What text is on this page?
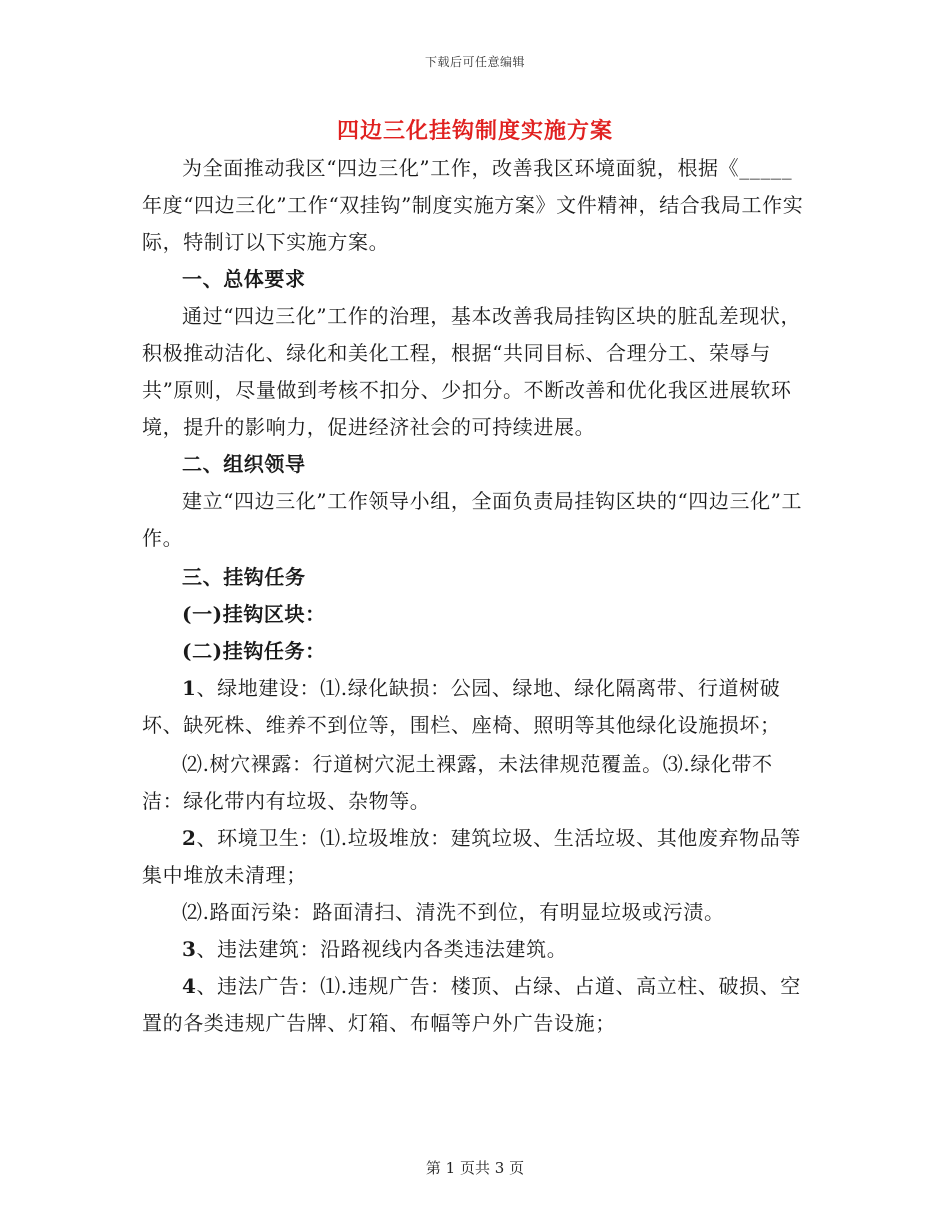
下载后可任意编辑
四边三化挂钩制度实施方案

为全面推动我区“四边三化”工作，改善我区环境面貌，根据《_____年度“四边三化”工作“双挂钩”制度实施方案》文件精神，结合我局工作实际，特制订以下实施方案。

一、总体要求

通过“四边三化”工作的治理，基本改善我局挂钩区块的脏乱差现状，积极推动洁化、绿化和美化工程，根据“共同目标、合理分工、荣辱与共”原则，尽量做到考核不扣分、少扣分。不断改善和优化我区进展软环境，提升的影响力，促进经济社会的可持续进展。

二、组织领导

建立“四边三化”工作领导小组，全面负责局挂钩区块的“四边三化”工作。

三、挂钩任务

(一)挂钩区块：

(二)挂钩任务：

1、绿地建设：⑴.绿化缺损：公园、绿地、绿化隔离带、行道树破坏、缺死株、维养不到位等，围栏、座椅、照明等其他绿化设施损坏；

⑵.树穴裸露：行道树穴泥土裸露，未法律规范覆盖。⑶.绿化带不洁：绿化带内有垃圾、杂物等。

2、环境卫生：⑴.垃圾堆放：建筑垃圾、生活垃圾、其他废弃物品等集中堆放未清理；

⑵.路面污染：路面清扫、清洗不到位，有明显垃圾或污渍。

3、违法建筑：沿路视线内各类违法建筑。

4、违法广告：⑴.违规广告：楼顶、占绿、占道、高立柱、破损、空置的各类违规广告牌、灯箱、布幅等户外广告设施；

第 1 页共 3 页
